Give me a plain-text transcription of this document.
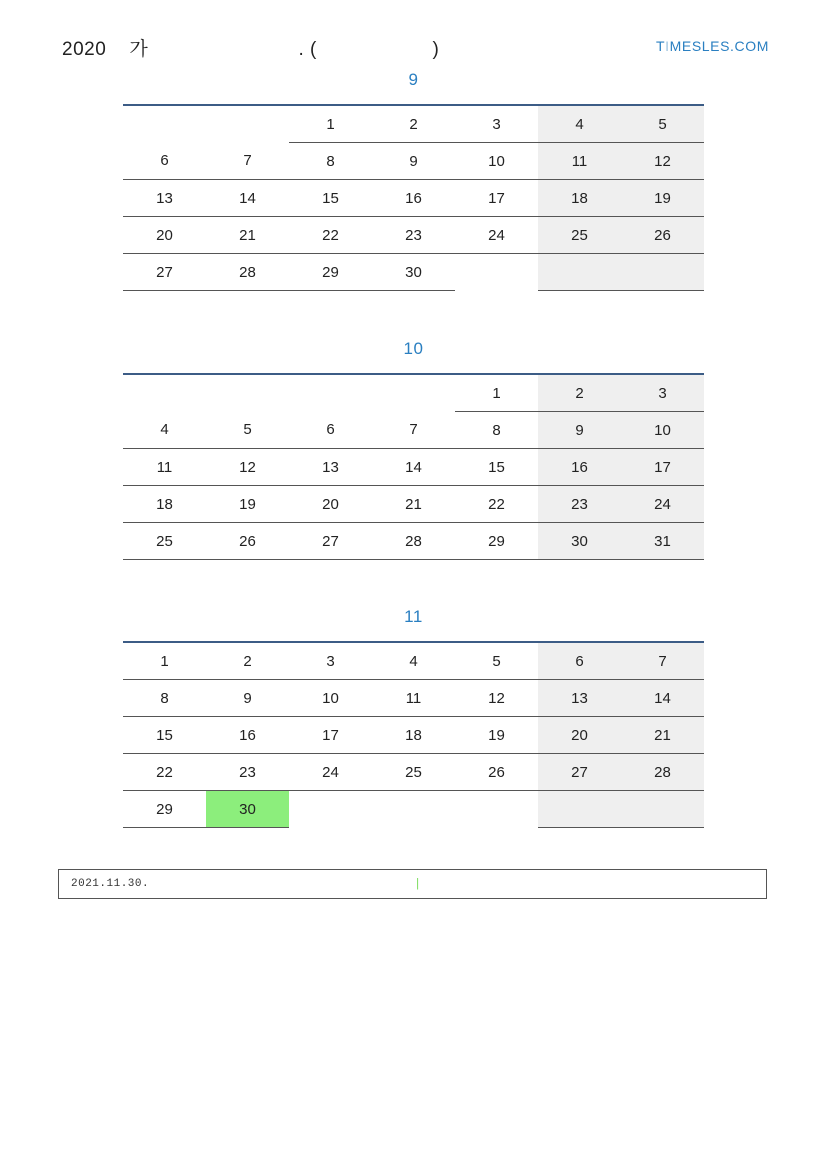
2020    가                          . (                    )	TIMESLES.COM
9
		1	2	3	4	5
6	7	8	9	10	11	12
13	14	15	16	17	18	19
20	21	22	23	24	25	26
27	28	29	30			
10
				1	2	3
4	5	6	7	8	9	10
11	12	13	14	15	16	17
18	19	20	21	22	23	24
25	26	27	28	29	30	31
11
1	2	3	4	5	6	7
8	9	10	11	12	13	14
15	16	17	18	19	20	21
22	23	24	25	26	27	28
29	30					
2021.11.30.	|
